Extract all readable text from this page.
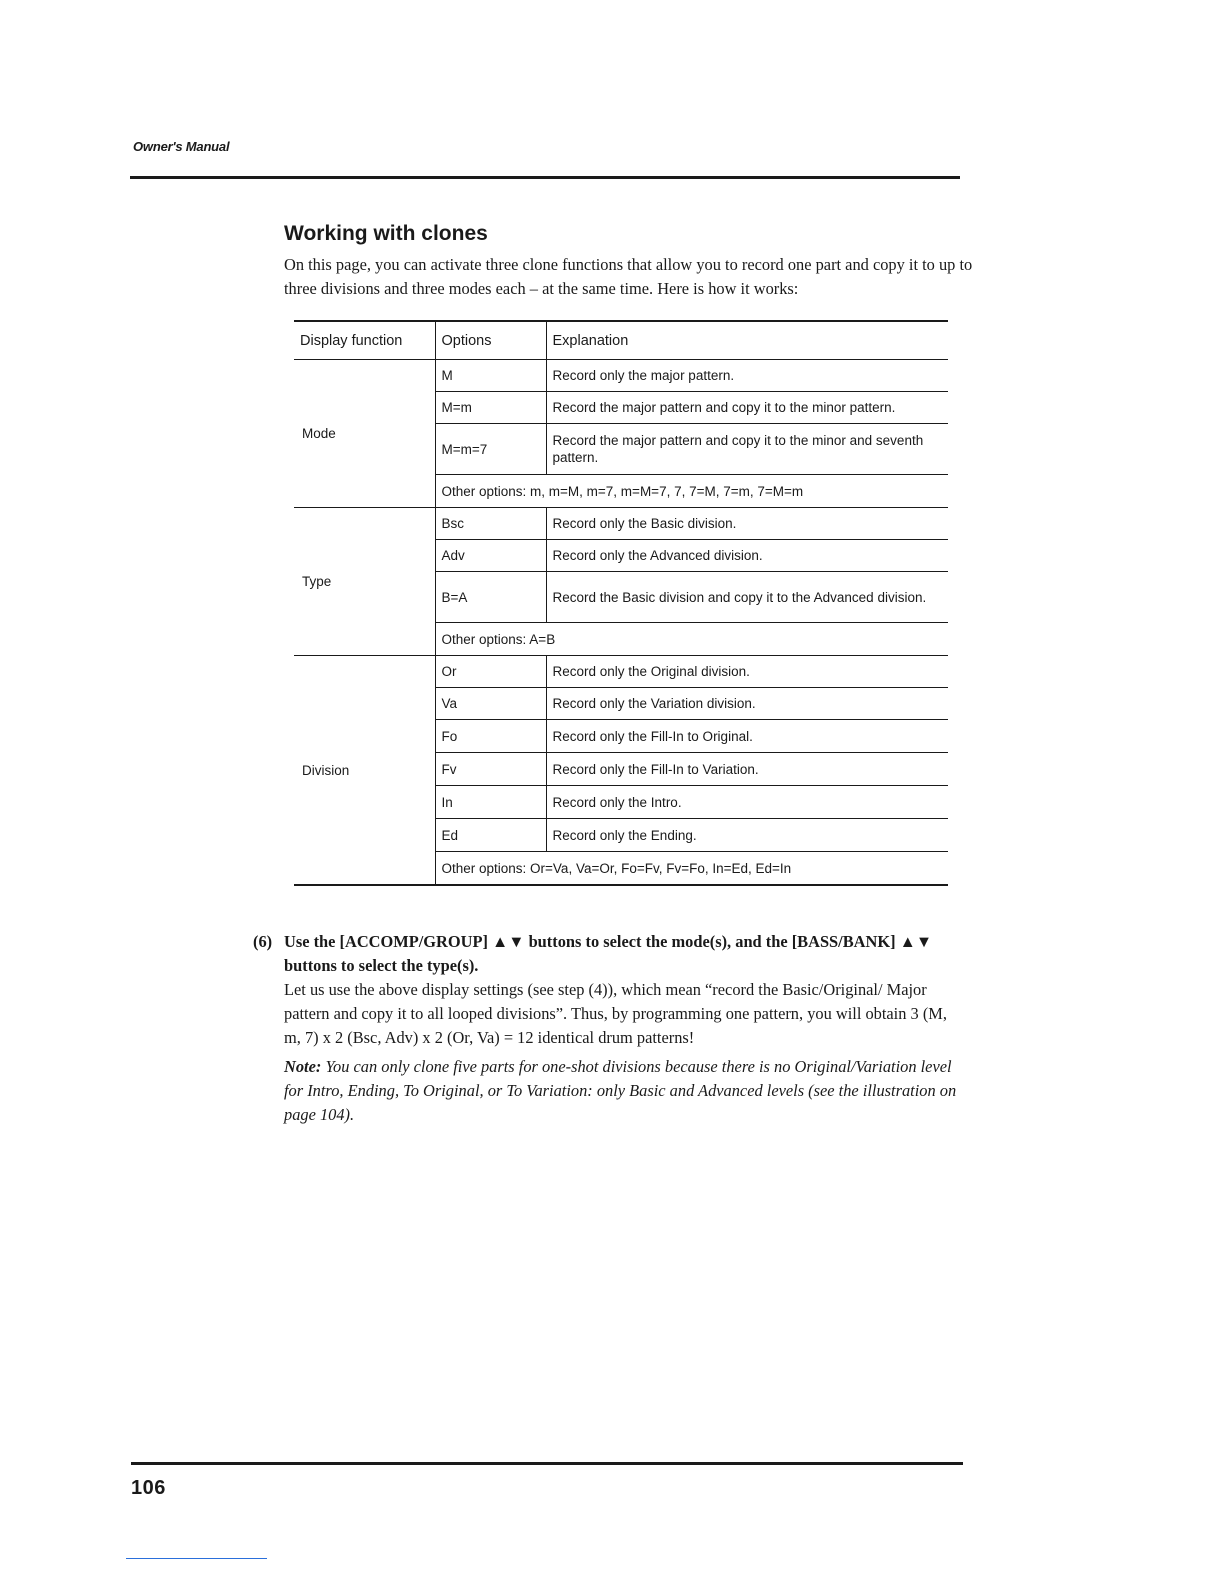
Owner's Manual
Working with clones
On this page, you can activate three clone functions that allow you to record one part and copy it to up to three divisions and three modes each – at the same time. Here is how it works:
Display function	Options	Explanation
Mode	M	Record only the major pattern.
	M=m	Record the major pattern and copy it to the minor pattern.
	M=m=7	Record the major pattern and copy it to the minor and seventh pattern.
	Other options: m, m=M, m=7, m=M=7, 7, 7=M, 7=m, 7=M=m	
Type	Bsc	Record only the Basic division.
	Adv	Record only the Advanced division.
	B=A	Record the Basic division and copy it to the Advanced division.
	Other options: A=B	
Division	Or	Record only the Original division.
	Va	Record only the Variation division.
	Fo	Record only the Fill-In to Original.
	Fv	Record only the Fill-In to Variation.
	In	Record only the Intro.
	Ed	Record only the Ending.
	Other options: Or=Va, Va=Or, Fo=Fv, Fv=Fo, In=Ed, Ed=In	
(6) Use the [ACCOMP/GROUP] ▲▼ buttons to select the mode(s), and the [BASS/BANK] ▲▼ buttons to select the type(s).
Let us use the above display settings (see step (4)), which mean “record the Basic/Original/ Major pattern and copy it to all looped divisions”. Thus, by programming one pattern, you will obtain 3 (M, m, 7) x 2 (Bsc, Adv) x 2 (Or, Va) = 12 identical drum patterns!
Note: You can only clone five parts for one-shot divisions because there is no Original/Variation level for Intro, Ending, To Original, or To Variation: only Basic and Advanced levels (see the illustration on page 104).
106
